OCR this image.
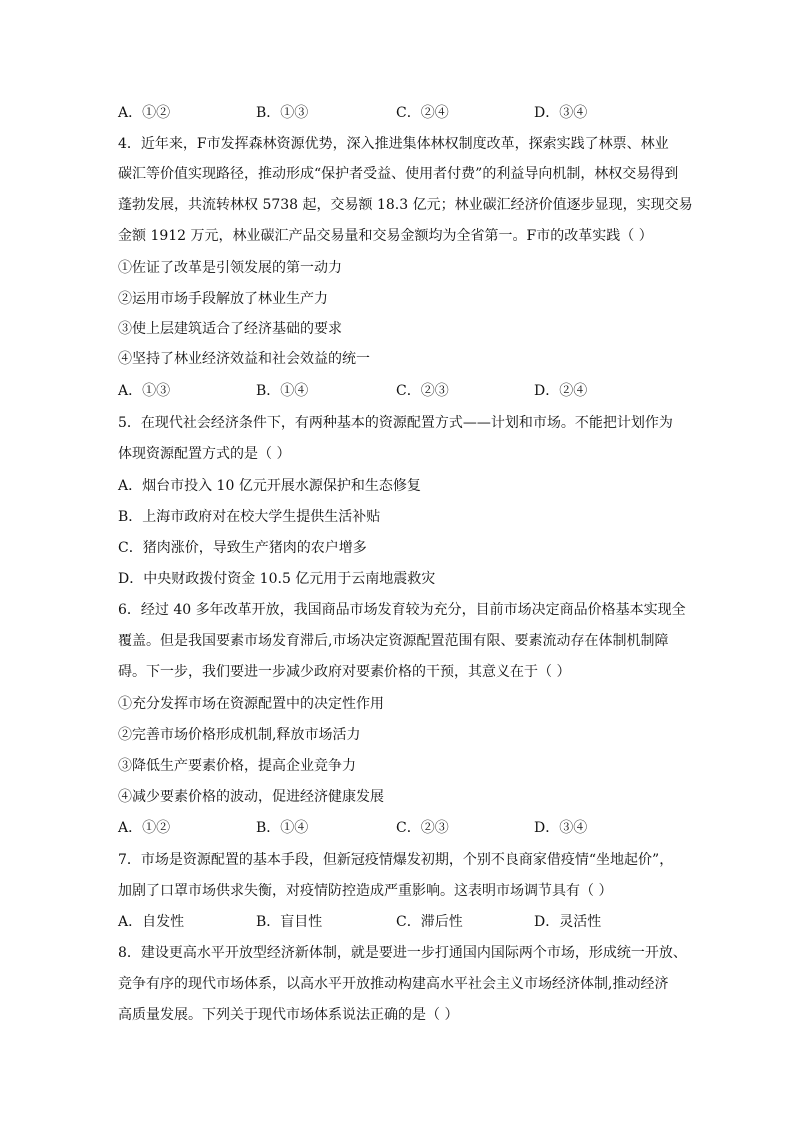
A．①②	B．①③	C．②④	D．③④
4．近年来，F市发挥森林资源优势，深入推进集体林权制度改革，探索实践了林票、林业
碳汇等价值实现路径，推动形成“保护者受益、使用者付费”的利益导向机制，林权交易得到
蓬勃发展，共流转林权 5738 起，交易额 18.3 亿元；林业碳汇经济价值逐步显现，实现交易
金额 1912 万元，林业碳汇产品交易量和交易金额均为全省第一。F市的改革实践（ ）
①佐证了改革是引领发展的第一动力
②运用市场手段解放了林业生产力
③使上层建筑适合了经济基础的要求
④坚持了林业经济效益和社会效益的统一
A．①③	B．①④	C．②③	D．②④
5．在现代社会经济条件下，有两种基本的资源配置方式——计划和市场。不能把计划作为
体现资源配置方式的是（ ）
A．烟台市投入 10 亿元开展水源保护和生态修复
B．上海市政府对在校大学生提供生活补贴
C．猪肉涨价，导致生产猪肉的农户增多
D．中央财政拨付资金 10.5 亿元用于云南地震救灾
6．经过 40 多年改革开放，我国商品市场发育较为充分，目前市场决定商品价格基本实现全
覆盖。但是我国要素市场发育滞后,市场决定资源配置范围有限、要素流动存在体制机制障
碍。下一步，我们要进一步减少政府对要素价格的干预，其意义在于（ ）
①充分发挥市场在资源配置中的决定性作用
②完善市场价格形成机制,释放市场活力
③降低生产要素价格，提高企业竞争力
④减少要素价格的波动，促进经济健康发展
A．①②	B．①④	C．②③	D．③④
7．市场是资源配置的基本手段，但新冠疫情爆发初期，个别不良商家借疫情“坐地起价”，
加剧了口罩市场供求失衡，对疫情防控造成严重影响。这表明市场调节具有（ ）
A．自发性	B．盲目性	C．滞后性	D．灵活性
8．建设更高水平开放型经济新体制，就是要进一步打通国内国际两个市场，形成统一开放、
竞争有序的现代市场体系，以高水平开放推动构建高水平社会主义市场经济体制,推动经济
高质量发展。下列关于现代市场体系说法正确的是（ ）
